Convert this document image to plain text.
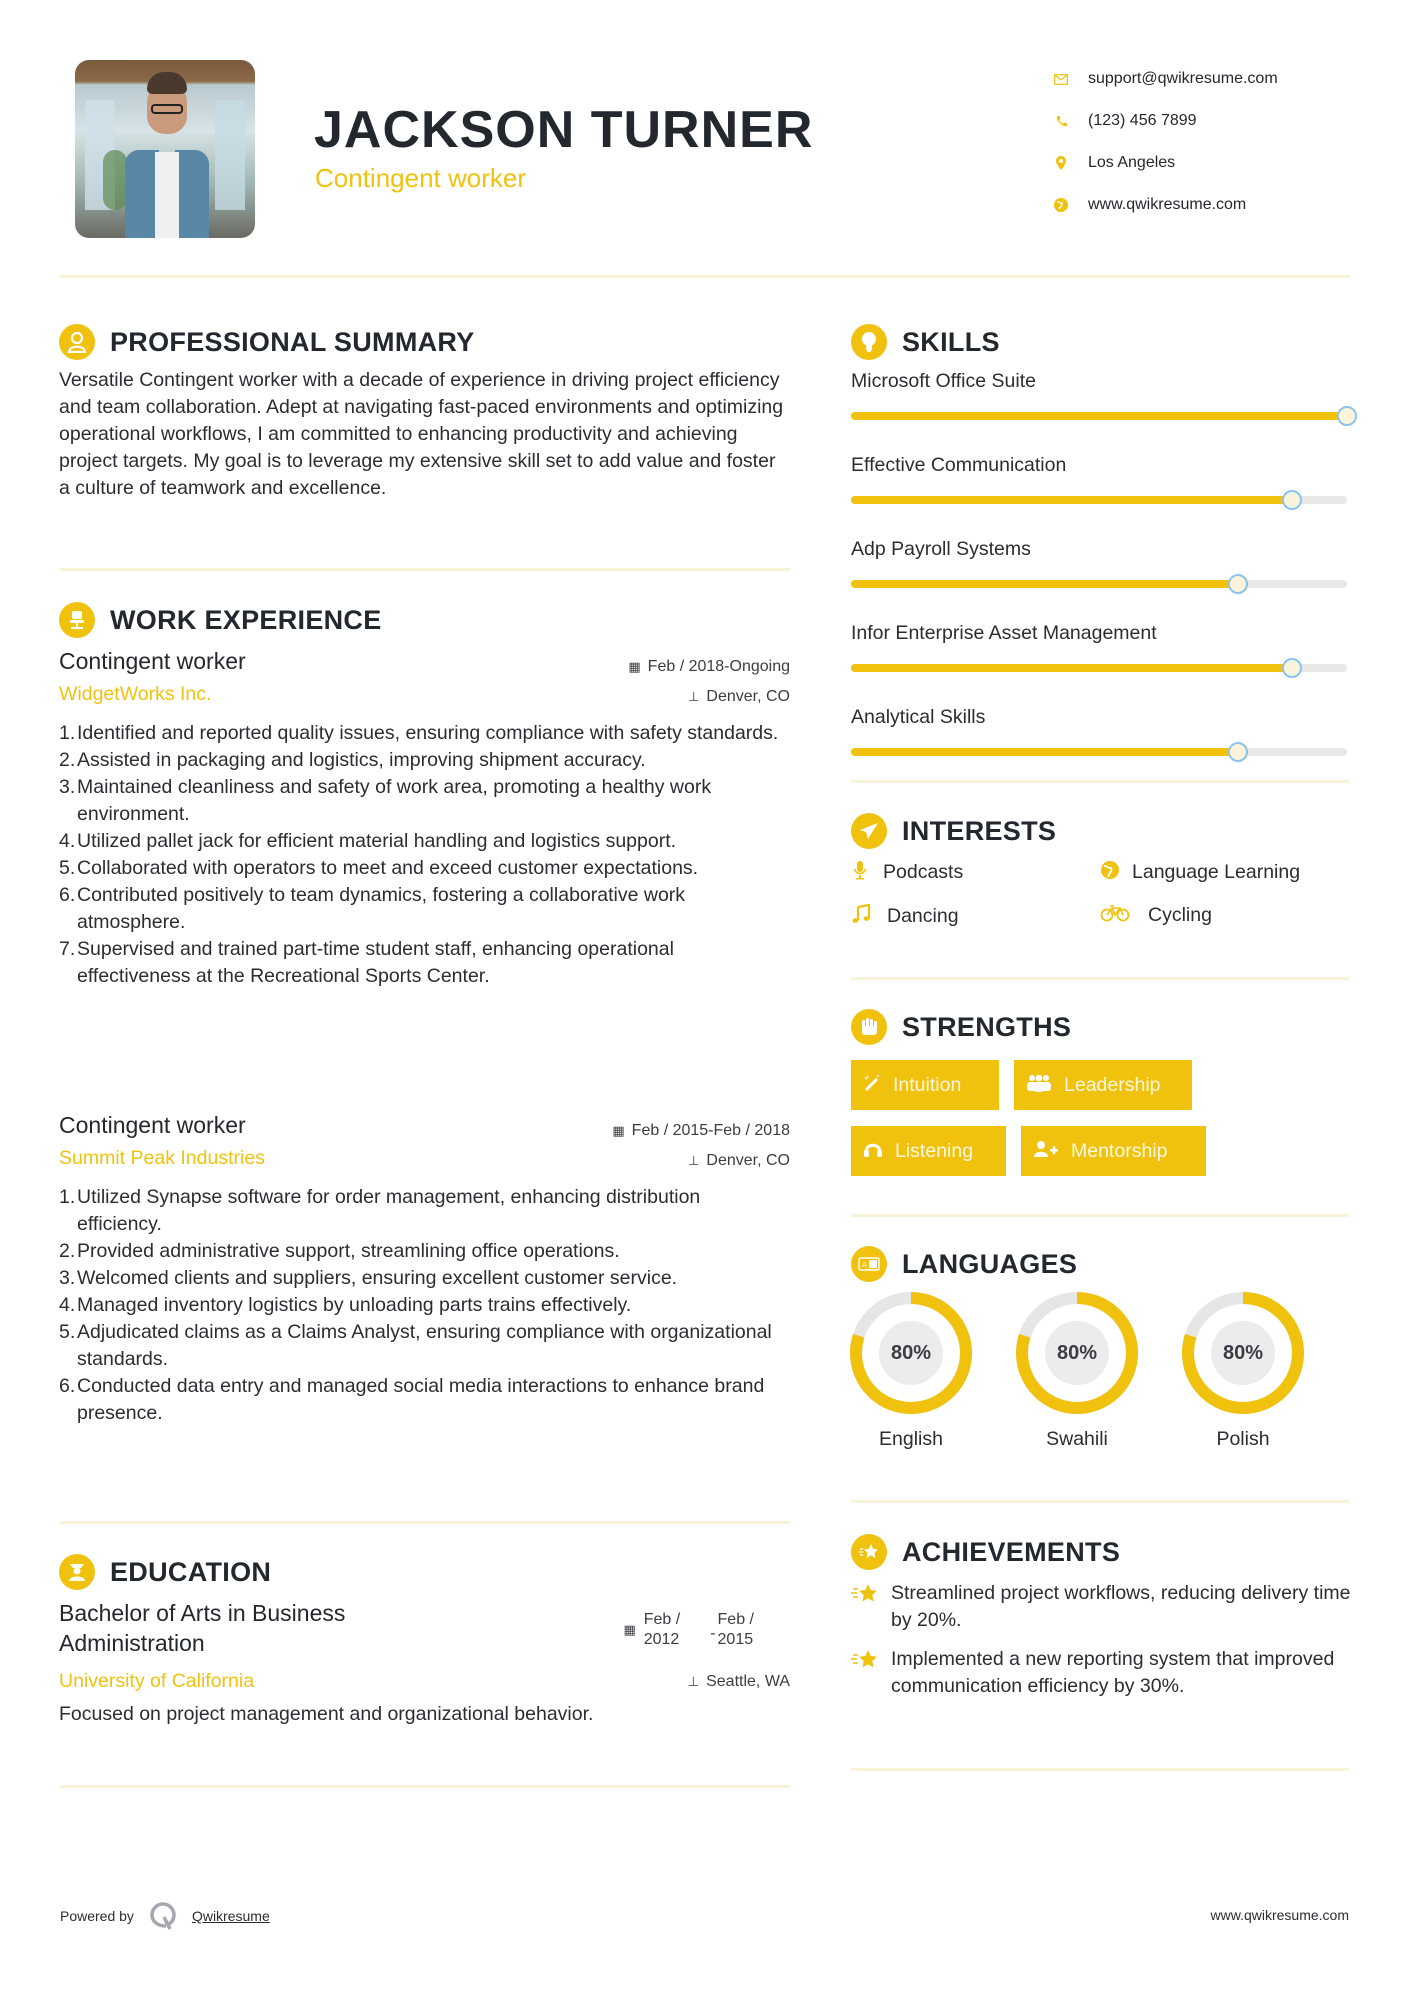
JACKSON TURNER
Contingent worker
support@qwikresume.com
(123) 456 7899
Los Angeles
www.qwikresume.com
PROFESSIONAL SUMMARY
Versatile Contingent worker with a decade of experience in driving project efficiency and team collaboration. Adept at navigating fast-paced environments and optimizing operational workflows, I am committed to enhancing productivity and achieving project targets. My goal is to leverage my extensive skill set to add value and foster a culture of teamwork and excellence.
WORK EXPERIENCE
Contingent worker
WidgetWorks Inc.
▦ Feb / 2018-Ongoing
⊥ Denver, CO
1. Identified and reported quality issues, ensuring compliance with safety standards.
2. Assisted in packaging and logistics, improving shipment accuracy.
3. Maintained cleanliness and safety of work area, promoting a healthy work environment.
4. Utilized pallet jack for efficient material handling and logistics support.
5. Collaborated with operators to meet and exceed customer expectations.
6. Contributed positively to team dynamics, fostering a collaborative work atmosphere.
7. Supervised and trained part-time student staff, enhancing operational effectiveness at the Recreational Sports Center.
Contingent worker
Summit Peak Industries
▦ Feb / 2015-Feb / 2018
⊥ Denver, CO
1. Utilized Synapse software for order management, enhancing distribution efficiency.
2. Provided administrative support, streamlining office operations.
3. Welcomed clients and suppliers, ensuring excellent customer service.
4. Managed inventory logistics by unloading parts trains effectively.
5. Adjudicated claims as a Claims Analyst, ensuring compliance with organizational standards.
6. Conducted data entry and managed social media interactions to enhance brand presence.
EDUCATION
Bachelor of Arts in Business
Administration
▦
Feb /
2012 -
Feb /
2015
University of California	⊥ Seattle, WA
Focused on project management and organizational behavior.
SKILLS
Microsoft Office Suite
Effective Communication
Adp Payroll Systems
Infor Enterprise Asset Management
Analytical Skills
INTERESTS
Podcasts	Language Learning
Dancing	Cycling
STRENGTHS
Intuition	Leadership
Listening	Mentorship
A LANGUAGES
80%
English
80%
Swahili
80%
Polish
ACHIEVEMENTS
Streamlined project workflows, reducing delivery time by 20%.
Implemented a new reporting system that improved communication efficiency by 30%.
Powered by	Qwikresume	www.qwikresume.com
